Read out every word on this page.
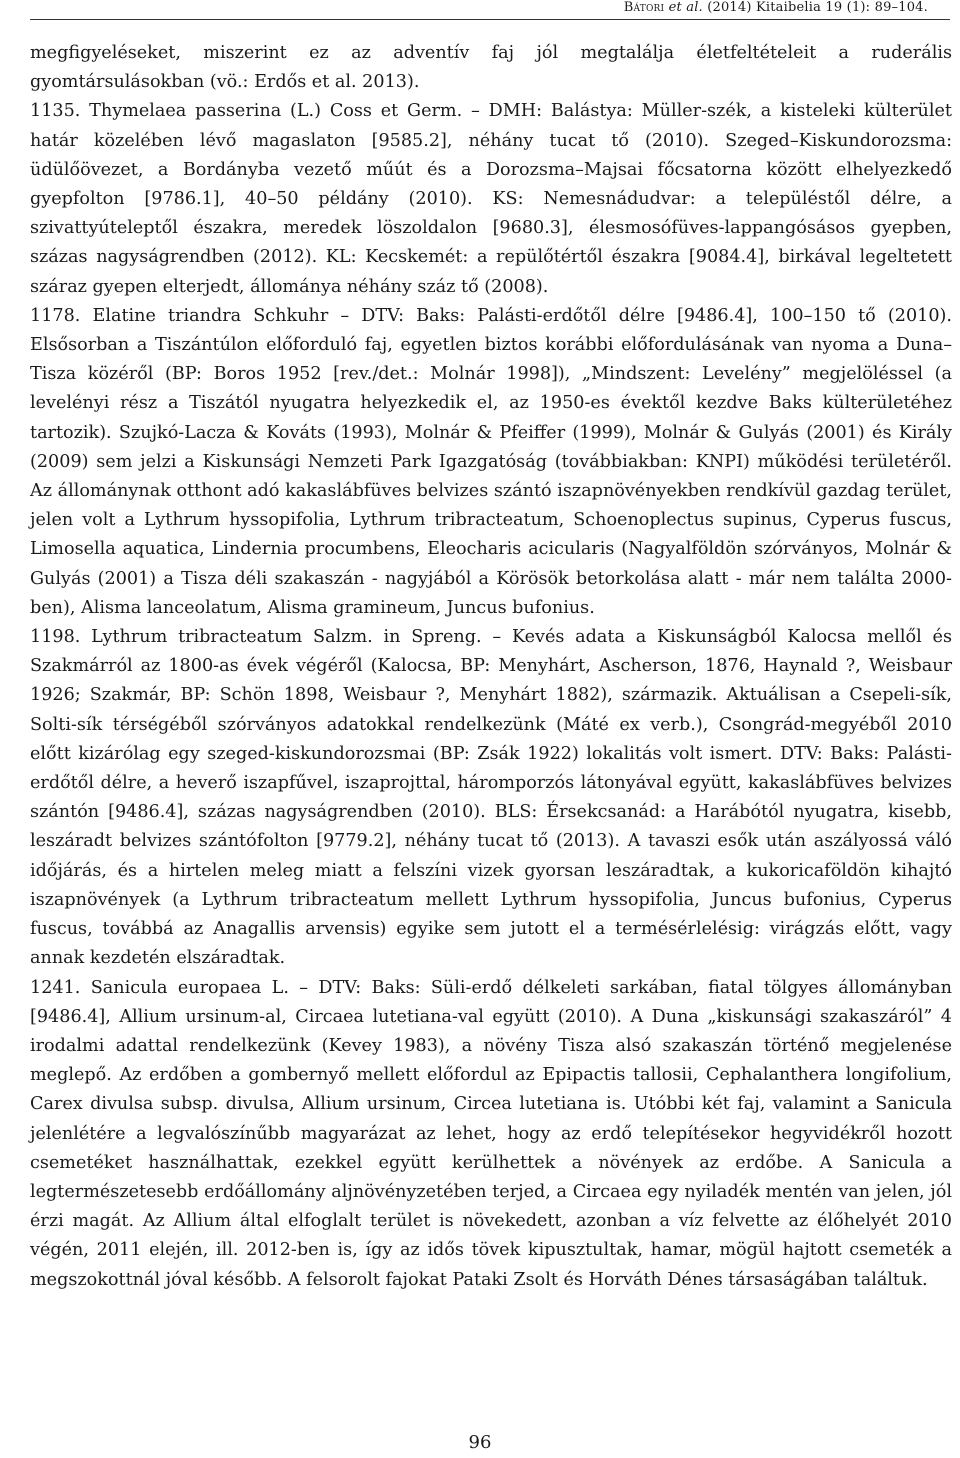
Bátori et al. (2014) Kitaibelia 19 (1): 89–104.

megfigyeléseket, miszerint ez az adventív faj jól megtalálja életfeltételeit a ruderális gyomtársulásokban (vö.: Erdős et al. 2013).

1135. Thymelaea passerina (L.) Coss et Germ. – DMH: Balástya: Müller-szék, a kisteleki külterület határ közelében lévő magaslaton [9585.2], néhány tucat tő (2010). Szeged–Kiskundorozsma: üdülőövezet, a Bordányba vezető műút és a Dorozsma–Majsai főcsatorna között elhelyezkedő gyepfolton [9786.1], 40–50 példány (2010). KS: Nemesnádudvar: a településtől délre, a szivattyúteleptől északra, meredek löszoldalon [9680.3], élesmosófüves-lappangósásos gyepben, százas nagyságrendben (2012). KL: Kecskemét: a repülőtértől északra [9084.4], birkával legeltetett száraz gyepen elterjedt, állománya néhány száz tő (2008).

1178. Elatine triandra Schkuhr – DTV: Baks: Palásti-erdőtől délre [9486.4], 100–150 tő (2010). Elsősorban a Tiszántúlon előforduló faj, egyetlen biztos korábbi előfordulásának van nyoma a Duna–Tisza közéről (BP: Boros 1952 [rev./det.: Molnár 1998]), „Mindszent: Levelény” megjelöléssel (a levelényi rész a Tiszától nyugatra helyezkedik el, az 1950-es évektől kezdve Baks külterületéhez tartozik). Szujkó-Lacza & Kováts (1993), Molnár & Pfeiffer (1999), Molnár & Gulyás (2001) és Király (2009) sem jelzi a Kiskunsági Nemzeti Park Igazgatóság (továbbiakban: KNPI) működési területéről. Az állománynak otthont adó kakaslábfüves belvizes szántó iszapnövényekben rendkívül gazdag terület, jelen volt a Lythrum hyssopifolia, Lythrum tribracteatum, Schoenoplectus supinus, Cyperus fuscus, Limosella aquatica, Lindernia procumbens, Eleocharis acicularis (Nagyalföldön szórványos, Molnár & Gulyás (2001) a Tisza déli szakaszán - nagyjából a Körösök betorkolása alatt - már nem találta 2000-ben), Alisma lanceolatum, Alisma gramineum, Juncus bufonius.

1198. Lythrum tribracteatum Salzm. in Spreng. – Kevés adata a Kiskunságból Kalocsa mellől és Szakmárról az 1800-as évek végéről (Kalocsa, BP: Menyhárt, Ascherson, 1876, Haynald ?, Weisbaur 1926; Szakmár, BP: Schön 1898, Weisbaur ?, Menyhárt 1882), származik. Aktuálisan a Csepeli-sík, Solti-sík térségéből szórványos adatokkal rendelkezünk (Máté ex verb.), Csongrád-megyéből 2010 előtt kizárólag egy szeged-kiskundorozsmai (BP: Zsák 1922) lokalitás volt ismert. DTV: Baks: Palásti-erdőtől délre, a heverő iszapfűvel, iszaprojttal, háromporzós látonyával együtt, kakaslábfüves belvizes szántón [9486.4], százas nagyságrendben (2010). BLS: Érsekcsanád: a Harábótól nyugatra, kisebb, leszáradt belvizes szántófolton [9779.2], néhány tucat tő (2013). A tavaszi esők után aszályossá váló időjárás, és a hirtelen meleg miatt a felszíni vizek gyorsan leszáradtak, a kukoricaföldön kihajtó iszapnövények (a Lythrum tribracteatum mellett Lythrum hyssopifolia, Juncus bufonius, Cyperus fuscus, továbbá az Anagallis arvensis) egyike sem jutott el a termésérlelésig: virágzás előtt, vagy annak kezdetén elszáradtak.

1241. Sanicula europaea L. – DTV: Baks: Süli-erdő délkeleti sarkában, fiatal tölgyes állományban [9486.4], Allium ursinum-al, Circaea lutetiana-val együtt (2010). A Duna „kiskunsági szakaszáról” 4 irodalmi adattal rendelkezünk (Kevey 1983), a növény Tisza alsó szakaszán történő megjelenése meglepő. Az erdőben a gombernyő mellett előfordul az Epipactis tallosii, Cephalanthera longifolium, Carex divulsa subsp. divulsa, Allium ursinum, Circea lutetiana is. Utóbbi két faj, valamint a Sanicula jelenlétére a legvalószínűbb magyarázat az lehet, hogy az erdő telepítésekor hegyvidékről hozott csemetéket használhattak, ezekkel együtt kerülhettek a növények az erdőbe. A Sanicula a legtermészetesebb erdőállomány aljnövényzetében terjed, a Circaea egy nyiladék mentén van jelen, jól érzi magát. Az Allium által elfoglalt terület is növekedett, azonban a víz felvette az élőhelyét 2010 végén, 2011 elején, ill. 2012-ben is, így az idős tövek kipusztultak, hamar, mögül hajtott csemeték a megszokottnál jóval később. A felsorolt fajokat Pataki Zsolt és Horváth Dénes társaságában találtuk.

96
